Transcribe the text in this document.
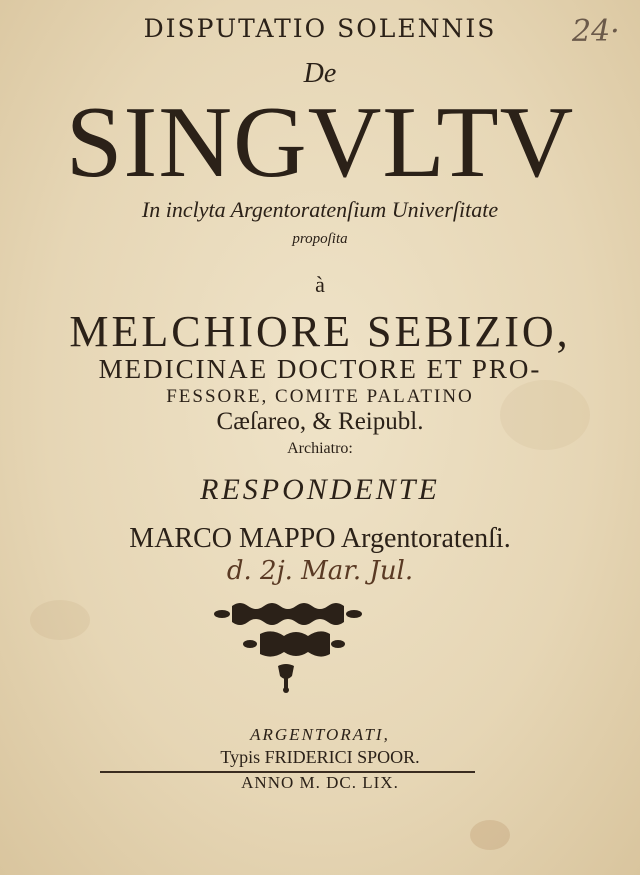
24·
DISPUTATIO SOLENNIS
De
SINGVLTV
In inclyta Argentoratenſium Univerſitate
propoſita
à
MELCHIORE SEBIZIO,
MEDICINAE DOCTORE ET PRO-
FESSORE, COMITE PALATINO
Cæſareo, & Reipubl.
Archiatro:
RESPONDENTE
MARCO MAPPO Argentoratenſi.
d. 2j. Mar. Jul.
ARGENTORATI,
Typis FRIDERICI SPOOR.
ANNO M. DC. LIX.
